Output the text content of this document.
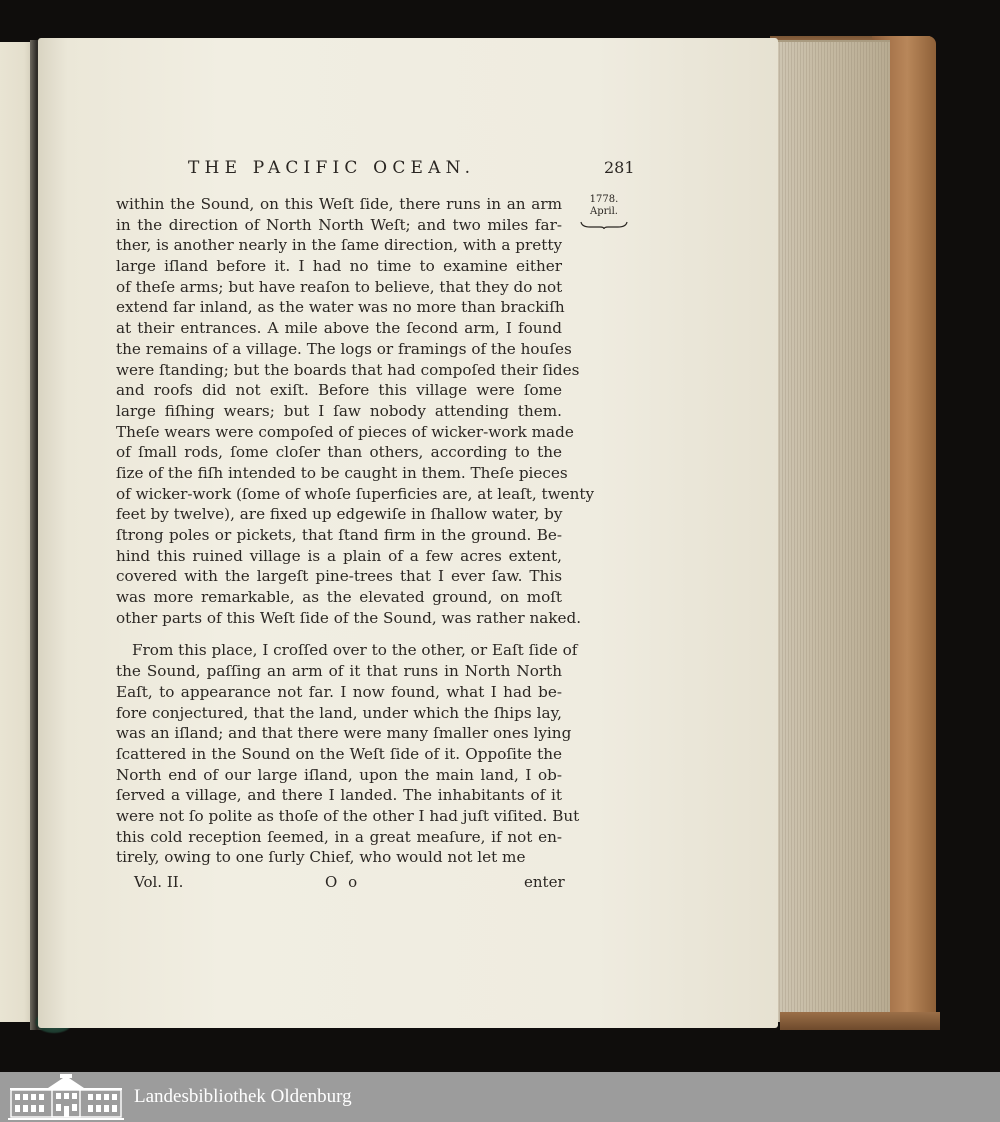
THE PACIFIC OCEAN.	281
1778.
April.
within the Sound, on this Weſt ſide, there runs in an arm
in the direction of North North Weſt; and two miles far-
ther, is another nearly in the ſame direction, with a pretty
large iſland before it. I had no time to examine either
of theſe arms; but have reaſon to believe, that they do not
extend far inland, as the water was no more than brackiſh
at their entrances. A mile above the ſecond arm, I found
the remains of a village. The logs or framings of the houſes
were ſtanding; but the boards that had compoſed their ſides
and roofs did not exiſt. Before this village were ſome
large fiſhing wears; but I ſaw nobody attending them.
Theſe wears were compoſed of pieces of wicker-work made
of ſmall rods, ſome cloſer than others, according to the
ſize of the fiſh intended to be caught in them. Theſe pieces
of wicker-work (ſome of whoſe ſuperficies are, at leaſt, twenty
feet by twelve), are fixed up edgewiſe in ſhallow water, by
ſtrong poles or pickets, that ſtand firm in the ground. Be-
hind this ruined village is a plain of a few acres extent,
covered with the largeſt pine-trees that I ever ſaw. This
was more remarkable, as the elevated ground, on moſt
other parts of this Weſt ſide of the Sound, was rather naked.
From this place, I croſſed over to the other, or Eaſt ſide of
the Sound, paſſing an arm of it that runs in North North
Eaſt, to appearance not far. I now found, what I had be-
fore conjectured, that the land, under which the ſhips lay,
was an iſland; and that there were many ſmaller ones lying
ſcattered in the Sound on the Weſt ſide of it. Oppoſite the
North end of our large iſland, upon the main land, I ob-
ſerved a village, and there I landed. The inhabitants of it
were not ſo polite as thoſe of the other I had juſt viſited. But
this cold reception ſeemed, in a great meaſure, if not en-
tirely, owing to one ſurly Chief, who would not let me
Vol. II.	O o	enter
Landesbibliothek Oldenburg
